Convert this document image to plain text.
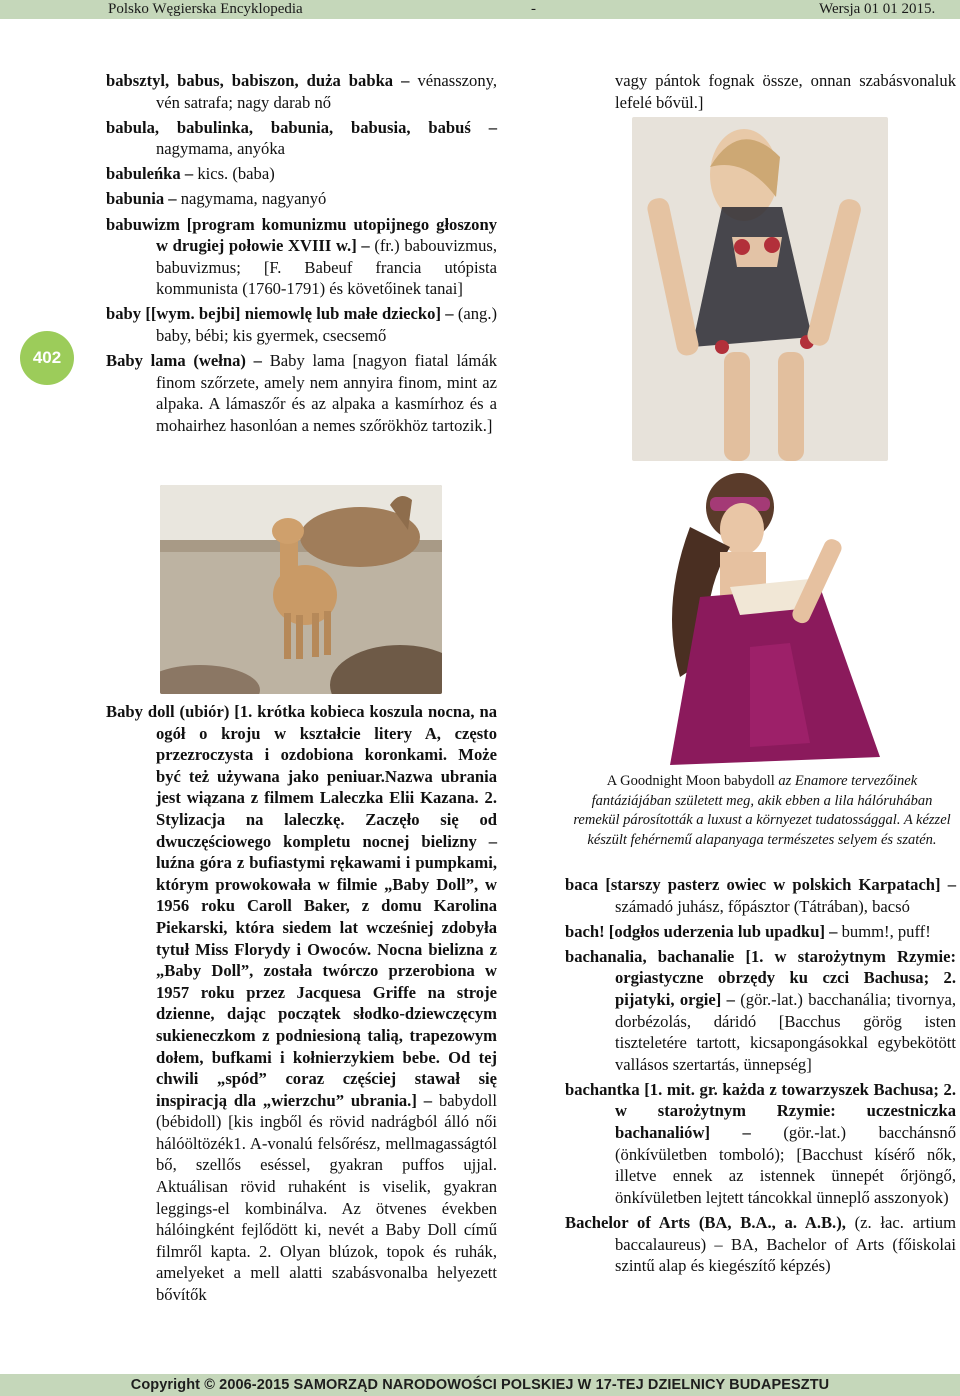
Polsko Węgierska Encyklopedia	-	Wersja 01 01 2015.
402

babsztyl, babus, babiszon, duża babka – vénasszony, vén satrafa; nagy darab nő

babula, babulinka, babunia, babusia, babuś – nagymama, anyóka

babuleńka – kics. (baba)

babunia – nagymama, nagyanyó

babuwizm [program komunizmu utopijnego głoszony w drugiej połowie XVIII w.] – (fr.) babouvizmus, babuvizmus; [F. Babeuf francia utópista kommunista (1760-1791) és követőinek tanai]

baby [[wym. bejbi] niemowlę lub małe dziecko] – (ang.) baby, bébi; kis gyermek, csecsemő

Baby lama (wełna) – Baby lama [nagyon fiatal lámák finom szőrzete, amely nem annyira finom, mint az alpaka. A lámaszőr és az alpaka a kasmírhoz és a mohairhez hasonlóan a nemes szőrökhöz tartozik.]

Baby doll (ubiór) [1. krótka kobieca koszula nocna, na ogół o kroju w kształcie litery A, często przezroczysta i ozdobiona koronkami. Może być też używana jako peniuar.Nazwa ubrania jest wiązana z filmem Laleczka Elii Kazana. 2. Stylizacja na laleczkę. Zaczęło się od dwuczęściowego kompletu nocnej bielizny – luźna góra z bufiastymi rękawami i pumpkami, którym prowokowała w filmie „Baby Doll”, w 1956 roku Caroll Baker, z domu Karolina Piekarski, która siedem lat wcześniej zdobyła tytuł Miss Florydy i Owoców. Nocna bielizna z „Baby Doll”, została twórczo przerobiona w 1957 roku przez Jacquesa Griffe na stroje dzienne, dając początek słodko-dziewczęcym sukieneczkom z podniesioną talią, trapezowym dołem, bufkami i kołnierzykiem bebe. Od tej chwili „spód” coraz częściej stawał się inspiracją dla „wierzchu” ubrania.] – babydoll (bébidoll) [kis ingből és rövid nadrágból álló női hálóöltözék1. A-vonalú felsőrész, mellmagasságtól bő, szellős eséssel, gyakran puffos ujjal. Aktuálisan rövid ruhaként is viselik, gyakran leggings-el kombinálva. Az ötvenes években hálóingként fejlődött ki, nevét a Baby Doll című filmről kapta. 2. Olyan blúzok, topok és ruhák, amelyeket a mell alatti szabásvonalba helyezett bővítők

vagy pántok fognak össze, onnan szabásvonaluk lefelé bővül.]

A Goodnight Moon babydoll az Enamore tervezőinek fantáziájában született meg, akik ebben a lila hálóruhában remekül párosították a luxust a környezet tudatossággal. A kézzel készült fehérnemű alapanyaga természetes selyem és szatén.

baca [starszy pasterz owiec w polskich Karpatach] – számadó juhász, főpásztor (Tátrában), bacsó

bach! [odgłos uderzenia lub upadku] – bumm!, puff!

bachanalia, bachanalie [1. w starożytnym Rzymie: orgiastyczne obrzędy ku czci Bachusa; 2. pijatyki, orgie] – (gör.-lat.) bacchanália; tivornya, dorbézolás, dáridó [Bacchus görög isten tiszteletére tartott, kicsapongásokkal egybekötött vallásos szertartás, ünnepség]

bachantka [1. mit. gr. każda z towarzyszek Bachusa; 2. w starożytnym Rzymie: uczestniczka bachanaliów] – (gör.-lat.) bacchánsnő (önkívületben tomboló); [Bacchust kísérő nők, illetve ennek az istennek ünnepét őrjöngő, önkívületben lejtett táncokkal ünneplő asszonyok)

Bachelor of Arts (BA, B.A., a. A.B.), (z. łac. artium baccalaureus) – BA, Bachelor of Arts (főiskolai szintű alap és kiegészítő képzés)

Copyright © 2006-2015 SAMORZĄD NARODOWOŚCI POLSKIEJ W 17-TEJ DZIELNICY BUDAPESZTU
